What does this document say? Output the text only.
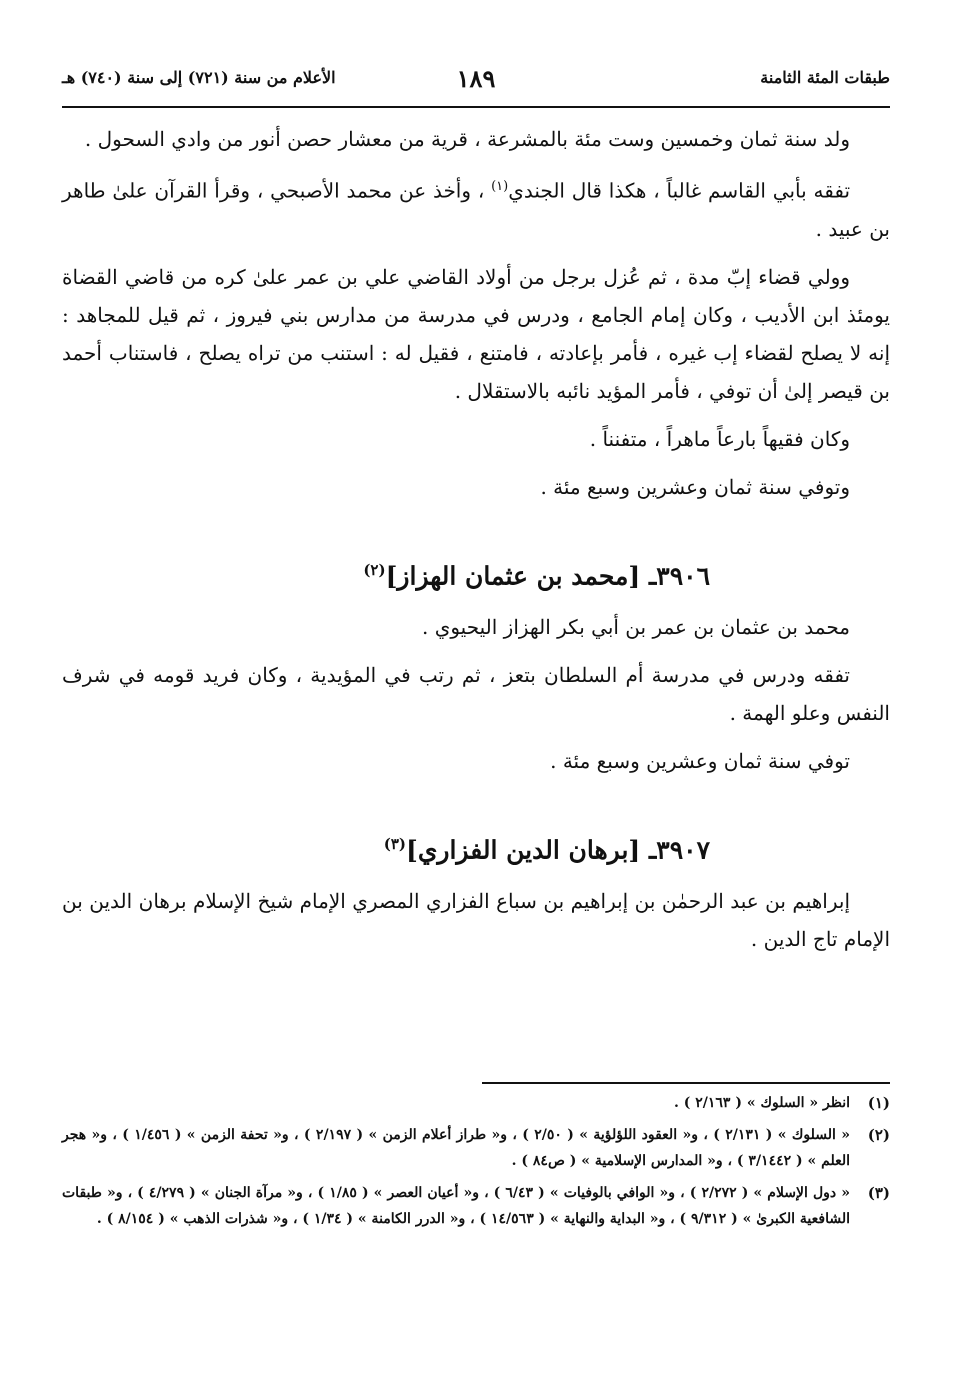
طبقات المئة الثامنة
١٨٩
الأعلام من سنة (٧٢١) إلى سنة (٧٤٠) هـ

ولد سنة ثمان وخمسين وست مئة بالمشرعة ، قرية من معشار حصن أنور من وادي السحول .

تفقه بأبي القاسم غالباً ، هكذا قال الجندي$^{(١)}$ ، وأخذ عن محمد الأصبحي ، وقرأ القرآن علىٰ طاهر بن عبيد .

وولي قضاء إبّ مدة ، ثم عُزل برجل من أولاد القاضي علي بن عمر علىٰ كره من قاضي القضاة يومئذ ابن الأديب ، وكان إمام الجامع ، ودرس في مدرسة من مدارس بني فيروز ، ثم قيل للمجاهد : إنه لا يصلح لقضاء إب غيره ، فأمر بإعادته ، فامتنع ، فقيل له : استنب من تراه يصلح ، فاستناب أحمد بن قيصر إلىٰ أن توفي ، فأمر المؤيد نائبه بالاستقلال .

وكان فقيهاً بارعاً ماهراً ، متفنناً .

وتوفي سنة ثمان وعشرين وسبع مئة .

٣٩٠٦ـ [محمد بن عثمان الهزاز]$^{(٢)}$

محمد بن عثمان بن عمر بن أبي بكر الهزاز اليحيوي .

تفقه ودرس في مدرسة أم السلطان بتعز ، ثم رتب في المؤيدية ، وكان فريد قومه في شرف النفس وعلو الهمة .

توفي سنة ثمان وعشرين وسبع مئة .

٣٩٠٧ـ [برهان الدين الفزاري]$^{(٣)}$

إبراهيم بن عبد الرحمٰن بن إبراهيم بن سباع الفزاري المصري الإمام شيخ الإسلام برهان الدين بن الإمام تاج الدين .

(١)
انظر « السلوك » ( ٢/١٦٣ ) .
(٢)
« السلوك » ( ٢/١٣١ ) ، و« العقود اللؤلؤية » ( ٢/٥٠ ) ، و« طراز أعلام الزمن » ( ٢/١٩٧ ) ، و« تحفة الزمن » ( ١/٤٥٦ ) ، و« هجر العلم » ( ٣/١٤٤٢ ) ، و« المدارس الإسلامية » ( ص٨٤ ) .
(٣)
« دول الإسلام » ( ٢/٢٧٢ ) ، و« الوافي بالوفيات » ( ٦/٤٣ ) ، و« أعيان العصر » ( ١/٨٥ ) ، و« مرآة الجنان » ( ٤/٢٧٩ ) ، و« طبقات الشافعية الكبرىٰ » ( ٩/٣١٢ ) ، و« البداية والنهاية » ( ١٤/٥٦٣ ) ، و« الدرر الكامنة » ( ١/٣٤ ) ، و« شذرات الذهب » ( ٨/١٥٤ ) .
